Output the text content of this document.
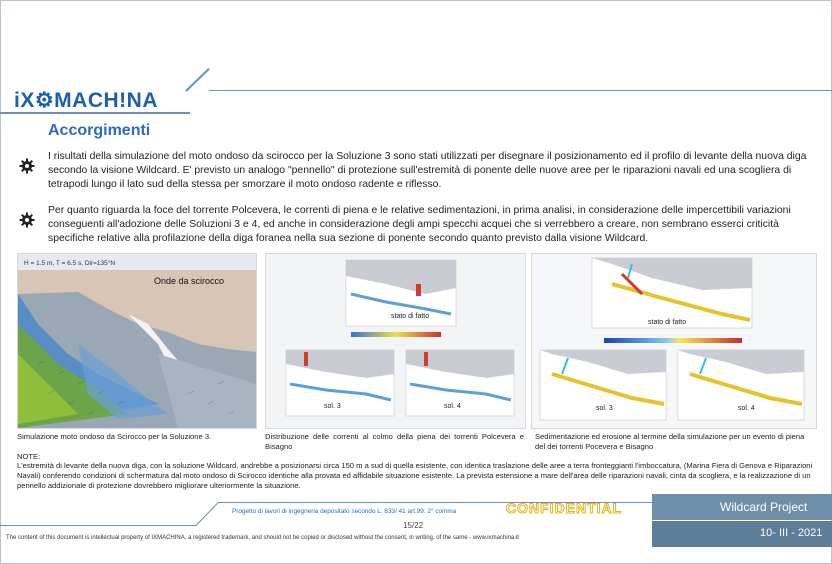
iX⚙MACH!NA
Accorgimenti
I risultati della simulazione del moto ondoso da scirocco per la Soluzione 3 sono stati utilizzati per disegnare il posizionamento ed il profilo di levante della nuova diga secondo la visione Wildcard. E' previsto un analogo "pennello" di protezione sull'estremità di ponente delle nuove aree per le riparazioni navali ed una scogliera di tetrapodi lungo il lato sud della stessa per smorzare il moto ondoso radente e riflesso.
Per quanto riguarda la foce del torrente Polcevera, le correnti di piena e le relative sedimentazioni, in prima analisi, in considerazione delle impercettibili variazioni conseguenti all'adozione delle Soluzioni 3 e 4, ed anche in considerazione degli ampi specchi acquei che si verrebbero a creare, non sembrano esserci criticità specifiche relative alla profilazione della diga foranea nella sua sezione di ponente secondo quanto previsto dalla visione Wildcard.
H = 1.5 m, T = 6.5 s, Dir=135°N
Onde da scirocco
Simulazione moto ondoso da Scirocco per la Soluzione 3.
stato di fatto
sol. 3	sol. 4
Distribuzione delle correnti al colmo della piena dei torrenti Polcevera e Bisagno
stato di fatto
sol. 3	sol. 4
Sedimentazione ed erosione al termine della simulazione per un evento di piena del dei torrenti Pocevera e Bisagno
NOTE:
L'estremità di levante della nuova diga, con la soluzione Wildcard, andrebbe a posizionarsi circa 150 m a sud di quella esistente, con identica traslazione delle aree a terra fronteggianti l'imboccatura, (Marina Fiera di Genova e Riparazioni Navali) conferendo condizioni di schermatura dal moto ondoso di Scirocco identiche alla provata ed affidabile situazione esistente. La prevista estensione a mare dell'area delle riparazioni navali, cinta da scogliera, e la realizzazione di un pennello addizionale di protezione dovrebbero migliorare ulteriormente la situazione.
Progetto di lavori di ingegneria depositato secondo L. 633/ 41 art.99. 2° comma
15/22
CONFIDENTIAL	Wildcard Project
10- III - 2021
The content of this document is intellectual property of IXMACHINA, a registered trademark, and should not be copied or disclosed without the consent, in writing, of the same - www.ixmachina.it
